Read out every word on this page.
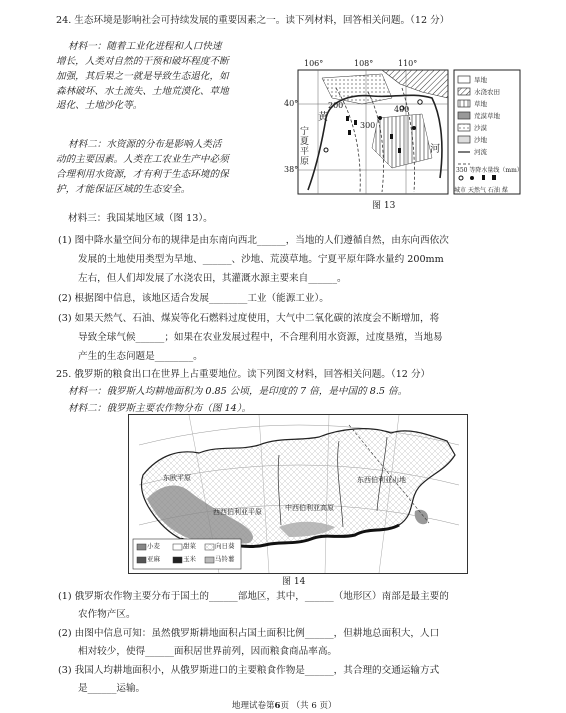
24. 生态环境是影响社会可持续发展的重要因素之一。读下列材料，回答相关问题。（12 分）
材料一：随着工业化进程和人口快速
增长，人类对自然的干预和破坏程度不断
加强，其后果之一就是导致生态退化，如
森林破坏、水土流失、土地荒漠化、草地
退化、土地沙化等。
材料二：水资源的分布是影响人类活
动的主要因素。人类在工农业生产中必须
合理利用水资源，才有利于生态环境的保
护，才能保证区域的生态安全。
材料三：我国某地区域（图 13）。
106°	108°	110°
40°
38°
200
300
400
宁
夏
平
原
黄
河
旱地
水浇农田
草地
荒漠草地
沙漠
沙地
河流
350 等降水量线（mm）
城市 天然气 石油 煤
图 13
(1) 图中降水量空间分布的规律是由东南向西北______，当地的人们遵循自然，由东向西依次
发展的土地使用类型为旱地、______、沙地、荒漠草地。宁夏平原年降水量约 200mm
左右，但人们却发展了水浇农田，其灌溉水源主要来自______。
(2) 根据图中信息，该地区适合发展________工业（能源工业）。
(3) 如果天然气、石油、煤炭等化石燃料过度使用，大气中二氧化碳的浓度会不断增加，将
导致全球气候______；如果在农业发展过程中，不合理利用水资源，过度垦殖，当地易
产生的生态问题是________。
25. 俄罗斯的粮食出口在世界上占重要地位。读下列图文材料，回答相关问题。（12 分）
材料一：俄罗斯人均耕地面积为 0.85 公顷，是印度的 7 倍，是中国的 8.5 倍。
材料二：俄罗斯主要农作物分布（图 14）。
东欧平原
西西伯利亚平原	中西伯利亚高原
东西伯利亚山地
小麦	甜菜	向日葵
亚麻	玉米	马铃薯
图 14
(1) 俄罗斯农作物主要分布于国土的______部地区，其中，______（地形区）南部是最主要的
农作物产区。
(2) 由图中信息可知：虽然俄罗斯耕地面积占国土面积比例______，但耕地总面积大，人口
相对较少，使得______面积居世界前列，因而粮食商品率高。
(3) 我国人均耕地面积小，从俄罗斯进口的主要粮食作物是______，其合理的交通运输方式
是______运输。
地理试卷第6页 （共 6 页）
